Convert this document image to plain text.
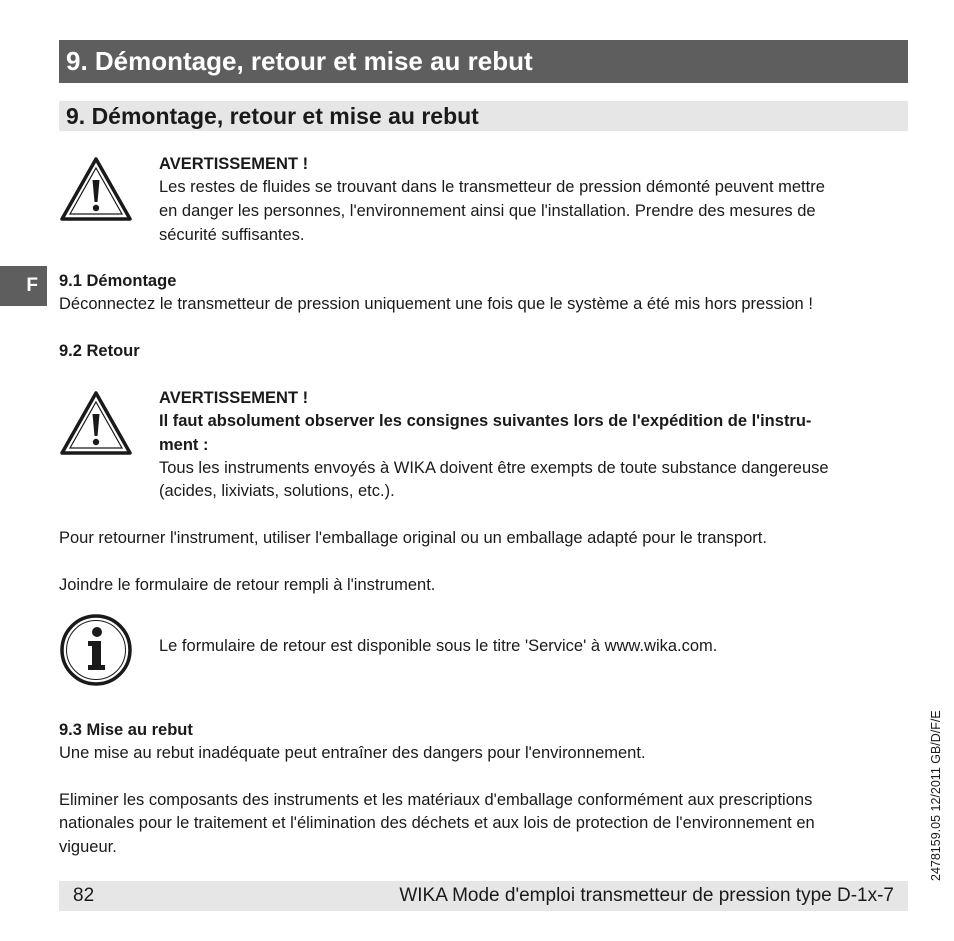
9. Démontage, retour et mise au rebut
9. Démontage, retour et mise au rebut
F
AVERTISSEMENT !
Les restes de fluides se trouvant dans le transmetteur de pression démonté peuvent mettre
en danger les personnes, l'environnement ainsi que l'installation. Prendre des mesures de
sécurité suffisantes.
9.1 Démontage
Déconnectez le transmetteur de pression uniquement une fois que le système a été mis hors pression !
9.2 Retour
AVERTISSEMENT !
Il faut absolument observer les consignes suivantes lors de l'expédition de l'instru-
ment :
Tous les instruments envoyés à WIKA doivent être exempts de toute substance dangereuse
(acides, lixiviats, solutions, etc.).
Pour retourner l'instrument, utiliser l'emballage original ou un emballage adapté pour le transport.
Joindre le formulaire de retour rempli à l'instrument.
Le formulaire de retour est disponible sous le titre 'Service' à www.wika.com.
9.3 Mise au rebut
Une mise au rebut inadéquate peut entraîner des dangers pour l'environnement.
Eliminer les composants des instruments et les matériaux d'emballage conformément aux prescriptions
nationales pour le traitement et l'élimination des déchets et aux lois de protection de l'environnement en
vigueur.
82	WIKA Mode d'emploi transmetteur de pression type D-1x-7
2478159.05 12/2011 GB/D/F/E
